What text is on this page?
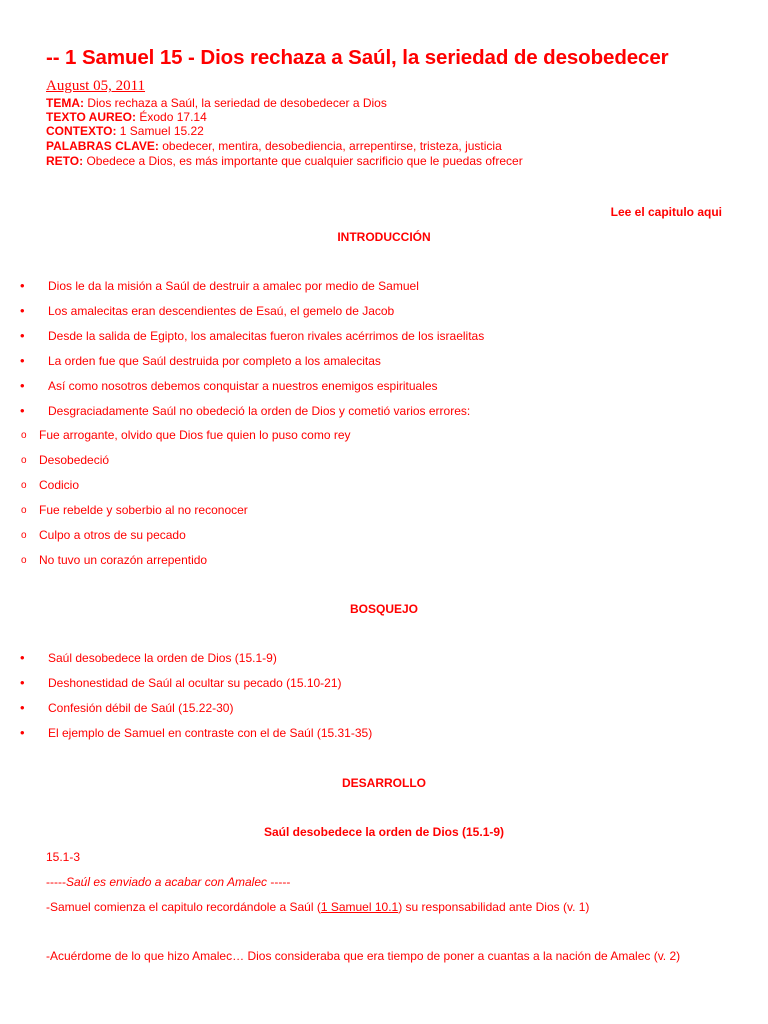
-- 1 Samuel 15 - Dios rechaza a Saúl, la seriedad de desobedecer
August 05, 2011
TEMA: Dios rechaza a Saúl, la seriedad de desobedecer a Dios
TEXTO AUREO: Éxodo 17.14
CONTEXTO: 1 Samuel 15.22
PALABRAS CLAVE: obedecer, mentira, desobediencia, arrepentirse, tristeza, justicia
RETO: Obedece a Dios, es más importante que cualquier sacrificio que le puedas ofrecer
Lee el capitulo aqui
INTRODUCCIÓN
•
Dios le da la misión a Saúl de destruir a amalec por medio de Samuel
•
Los amalecitas eran descendientes de Esaú, el gemelo de Jacob
•
Desde la salida de Egipto, los amalecitas fueron rivales acérrimos de los israelitas
•
La orden fue que Saúl destruida por completo a los amalecitas
•
Así como nosotros debemos conquistar a nuestros enemigos espirituales
•
Desgraciadamente Saúl no obedeció la orden de Dios y cometió varios errores:
o Fue arrogante, olvido que Dios fue quien lo puso como rey
o Desobedeció
o Codicio
o Fue rebelde y soberbio al no reconocer
o Culpo a otros de su pecado
o No tuvo un corazón arrepentido
BOSQUEJO
•
Saúl desobedece la orden de Dios (15.1-9)
•
Deshonestidad de Saúl al ocultar su pecado (15.10-21)
•
Confesión débil de Saúl (15.22-30)
•
El ejemplo de Samuel en contraste con el de Saúl (15.31-35)
DESARROLLO
Saúl desobedece la orden de Dios (15.1-9)
15.1-3
-----Saúl es enviado a acabar con Amalec -----
-Samuel comienza el capitulo recordándole a Saúl (1 Samuel 10.1) su responsabilidad ante Dios (v. 1)
-Acuérdome de lo que hizo Amalec… Dios consideraba que era tiempo de poner a cuantas a la nación de Amalec (v. 2)
